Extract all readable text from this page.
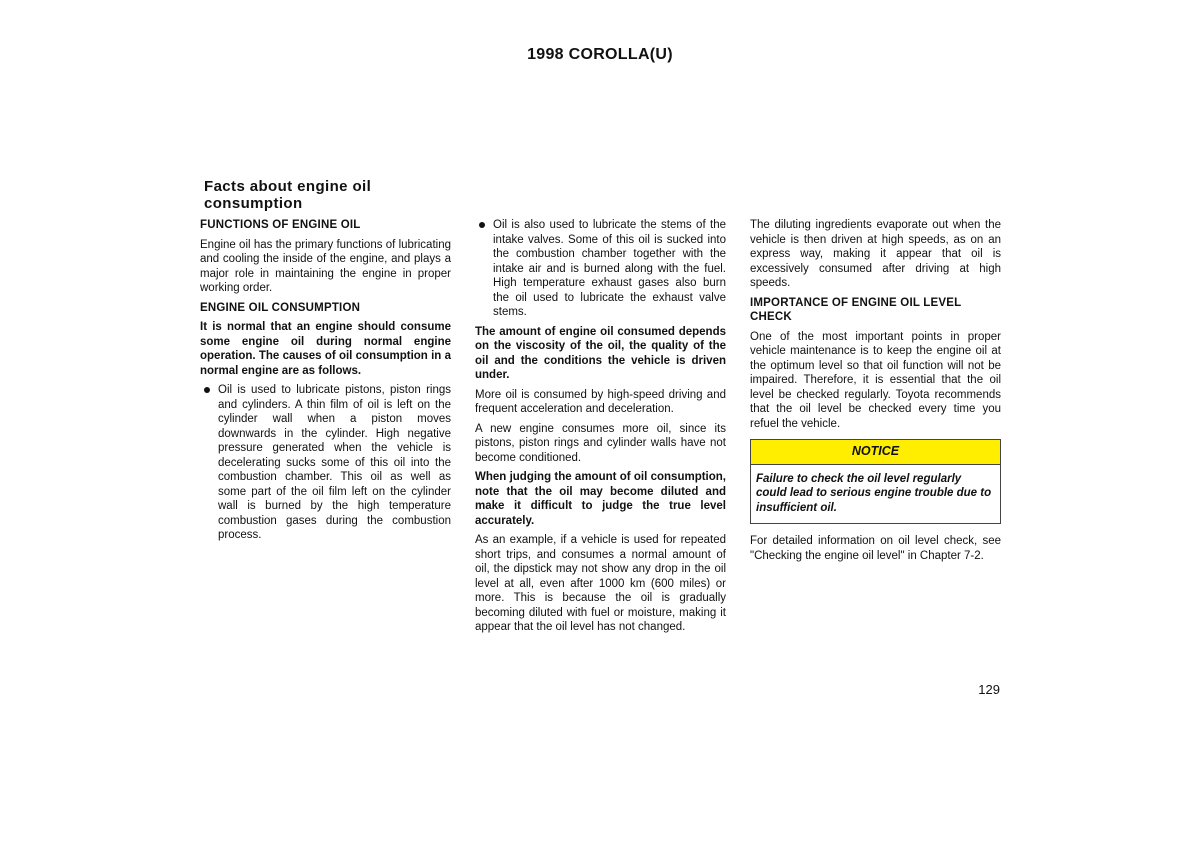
1998 COROLLA(U)
Facts about engine oil consumption
FUNCTIONS OF ENGINE OIL

Engine oil has the primary functions of lubricating and cooling the inside of the engine, and plays a major role in maintaining the engine in proper working order.

ENGINE OIL CONSUMPTION

It is normal that an engine should consume some engine oil during normal engine operation. The causes of oil consumption in a normal engine are as follows.

Oil is used to lubricate pistons, piston rings and cylinders. A thin film of oil is left on the cylinder wall when a piston moves downwards in the cylinder. High negative pressure generated when the vehicle is decelerating sucks some of this oil into the combustion chamber. This oil as well as some part of the oil film left on the cylinder wall is burned by the high temperature combustion gases during the combustion process.
Oil is also used to lubricate the stems of the intake valves. Some of this oil is sucked into the combustion chamber together with the intake air and is burned along with the fuel. High temperature exhaust gases also burn the oil used to lubricate the exhaust valve stems.

The amount of engine oil consumed depends on the viscosity of the oil, the quality of the oil and the conditions the vehicle is driven under.

More oil is consumed by high-speed driving and frequent acceleration and deceleration.

A new engine consumes more oil, since its pistons, piston rings and cylinder walls have not become conditioned.

When judging the amount of oil consumption, note that the oil may become diluted and make it difficult to judge the true level accurately.

As an example, if a vehicle is used for repeated short trips, and consumes a normal amount of oil, the dipstick may not show any drop in the oil level at all, even after 1000 km (600 miles) or more. This is because the oil is gradually becoming diluted with fuel or moisture, making it appear that the oil level has not changed.

The diluting ingredients evaporate out when the vehicle is then driven at high speeds, as on an express way, making it appear that oil is excessively consumed after driving at high speeds.

IMPORTANCE OF ENGINE OIL LEVEL CHECK

One of the most important points in proper vehicle maintenance is to keep the engine oil at the optimum level so that oil function will not be impaired. Therefore, it is essential that the oil level be checked regularly. Toyota recommends that the oil level be checked every time you refuel the vehicle.

NOTICE
Failure to check the oil level regularly could lead to serious engine trouble due to insufficient oil.

For detailed information on oil level check, see "Checking the engine oil level" in Chapter 7-2.

129
